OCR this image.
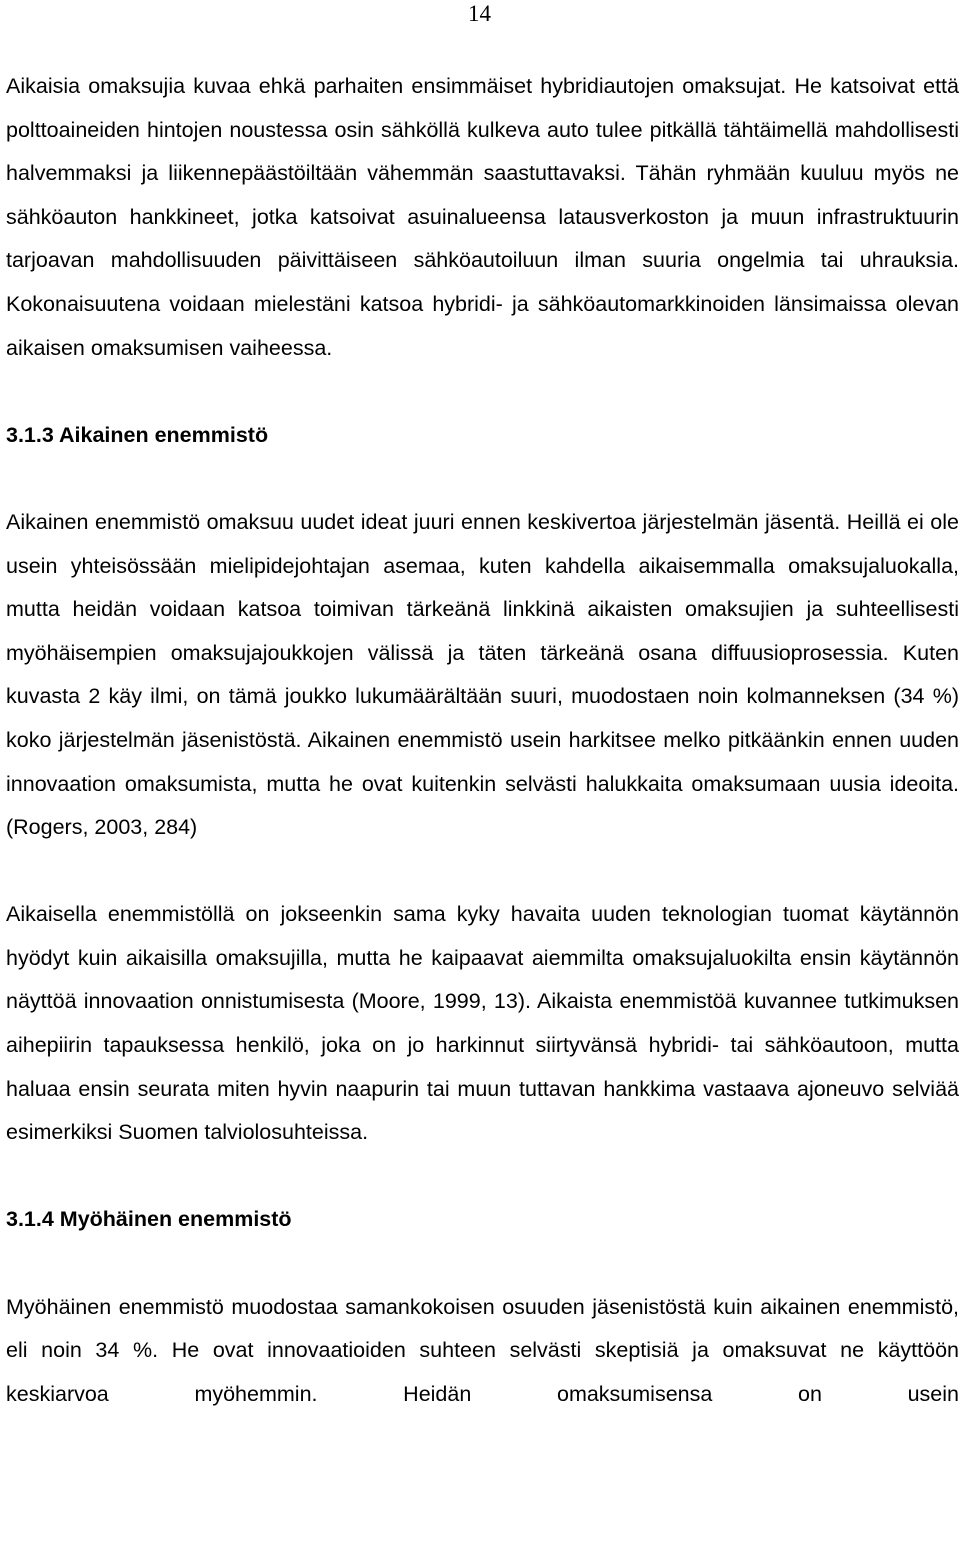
14

Aikaisia omaksujia kuvaa ehkä parhaiten ensimmäiset hybridiautojen omaksujat. He katsoivat että polttoaineiden hintojen noustessa osin sähköllä kulkeva auto tulee pitkällä tähtäimellä mahdollisesti halvemmaksi ja liikennepäästöiltään vähemmän saastuttavaksi. Tähän ryhmään kuuluu myös ne sähköauton hankkineet, jotka katsoivat asuinalueensa latausverkoston ja muun infrastruktuurin tarjoavan mahdollisuuden päivittäiseen sähköautoiluun ilman suuria ongelmia tai uhrauksia. Kokonaisuutena voidaan mielestäni katsoa hybridi- ja sähköautomarkkinoiden länsimaissa olevan aikaisen omaksumisen vaiheessa.

3.1.3 Aikainen enemmistö

Aikainen enemmistö omaksuu uudet ideat juuri ennen keskivertoa järjestelmän jäsentä. Heillä ei ole usein yhteisössään mielipidejohtajan asemaa, kuten kahdella aikaisemmalla omaksujaluokalla, mutta heidän voidaan katsoa toimivan tärkeänä linkkinä aikaisten omaksujien ja suhteellisesti myöhäisempien omaksujajoukkojen välissä ja täten tärkeänä osana diffuusioprosessia. Kuten kuvasta 2 käy ilmi, on tämä joukko lukumäärältään suuri, muodostaen noin kolmanneksen (34 %) koko järjestelmän jäsenistöstä. Aikainen enemmistö usein harkitsee melko pitkäänkin ennen uuden innovaation omaksumista, mutta he ovat kuitenkin selvästi halukkaita omaksumaan uusia ideoita. (Rogers, 2003, 284)

Aikaisella enemmistöllä on jokseenkin sama kyky havaita uuden teknologian tuomat käytännön hyödyt kuin aikaisilla omaksujilla, mutta he kaipaavat aiemmilta omaksujaluokilta ensin käytännön näyttöä innovaation onnistumisesta (Moore, 1999, 13). Aikaista enemmistöä kuvannee tutkimuksen aihepiirin tapauksessa henkilö, joka on jo harkinnut siirtyvänsä hybridi- tai sähköautoon, mutta haluaa ensin seurata miten hyvin naapurin tai muun tuttavan hankkima vastaava ajoneuvo selviää esimerkiksi Suomen talviolosuhteissa.

3.1.4 Myöhäinen enemmistö

Myöhäinen enemmistö muodostaa samankokoisen osuuden jäsenistöstä kuin aikainen enemmistö, eli noin 34 %. He ovat innovaatioiden suhteen selvästi skeptisiä ja omaksuvat ne käyttöön keskiarvoa myöhemmin. Heidän omaksumisensa on usein
